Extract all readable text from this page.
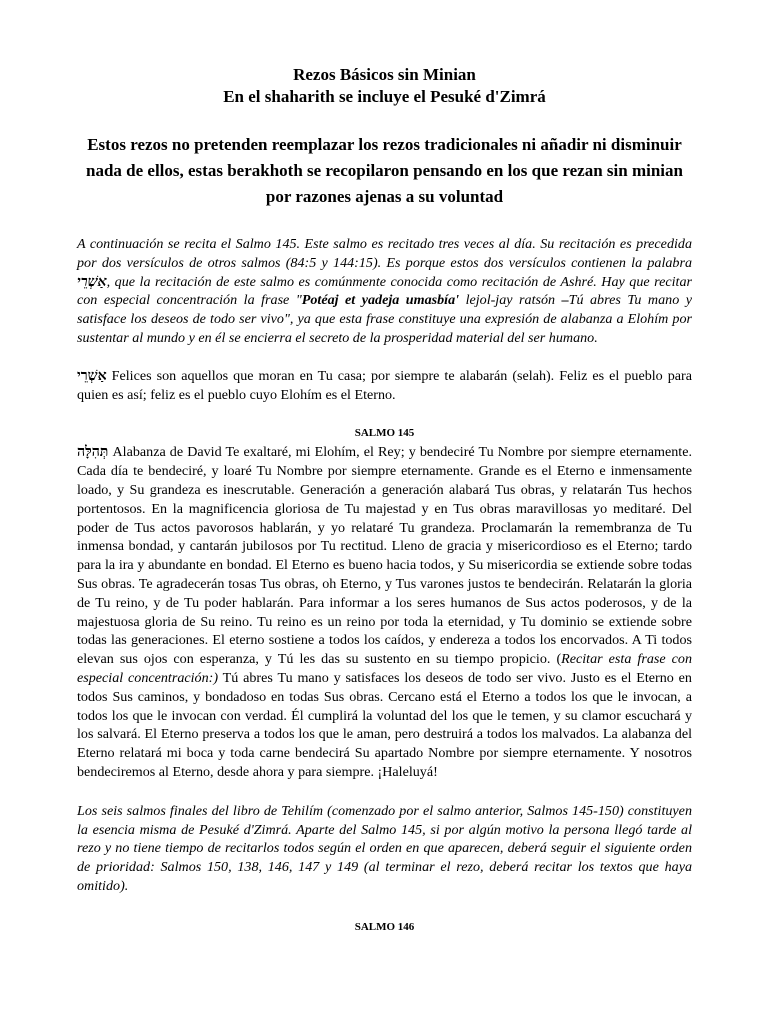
Rezos Básicos sin Minian
En el shaharith se incluye el Pesuké d'Zimrá

Estos rezos no pretenden reemplazar los rezos tradicionales ni añadir ni disminuir nada de ellos, estas berakhoth se recopilaron pensando en los que rezan sin minian por razones ajenas a su voluntad

A continuación se recita el Salmo 145. Este salmo es recitado tres veces al día. Su recitación es precedida por dos versículos de otros salmos (84:5 y 144:15). Es porque estos dos versículos contienen la palabra אַשְׁרֵי, que la recitación de este salmo es comúnmente conocida como recitación de Ashré. Hay que recitar con especial concentración la frase "Potéaj et yadeja umasbía' lejol-jay ratsón –Tú abres Tu mano y satisface los deseos de todo ser vivo", ya que esta frase constituye una expresión de alabanza a Elohím por sustentar al mundo y en él se encierra el secreto de la prosperidad material del ser humano.

אַשְׁרֵי Felices son aquellos que moran en Tu casa; por siempre te alabarán (selah). Feliz es el pueblo para quien es así; feliz es el pueblo cuyo Elohím es el Eterno.

SALMO 145

תְּהִלָּה Alabanza de David Te exaltaré, mi Elohím, el Rey; y bendeciré Tu Nombre por siempre eternamente. Cada día te bendeciré, y loaré Tu Nombre por siempre eternamente. Grande es el Eterno e inmensamente loado, y Su grandeza es inescrutable. Generación a generación alabará Tus obras, y relatarán Tus hechos portentosos. En la magnificencia gloriosa de Tu majestad y en Tus obras maravillosas yo meditaré. Del poder de Tus actos pavorosos hablarán, y yo relataré Tu grandeza. Proclamarán la remembranza de Tu inmensa bondad, y cantarán jubilosos por Tu rectitud. Lleno de gracia y misericordioso es el Eterno; tardo para la ira y abundante en bondad. El Eterno es bueno hacia todos, y Su misericordia se extiende sobre todas Sus obras. Te agradecerán tosas Tus obras, oh Eterno, y Tus varones justos te bendecirán. Relatarán la gloria de Tu reino, y de Tu poder hablarán. Para informar a los seres humanos de Sus actos poderosos, y de la majestuosa gloria de Su reino. Tu reino es un reino por toda la eternidad, y Tu dominio se extiende sobre todas las generaciones. El eterno sostiene a todos los caídos, y endereza a todos los encorvados. A Ti todos elevan sus ojos con esperanza, y Tú les das su sustento en su tiempo propicio. (Recitar esta frase con especial concentración:) Tú abres Tu mano y satisfaces los deseos de todo ser vivo. Justo es el Eterno en todos Sus caminos, y bondadoso en todas Sus obras. Cercano está el Eterno a todos los que le invocan, a todos los que le invocan con verdad. Él cumplirá la voluntad del los que le temen, y su clamor escuchará y los salvará. El Eterno preserva a todos los que le aman, pero destruirá a todos los malvados. La alabanza del Eterno relatará mi boca y toda carne bendecirá Su apartado Nombre por siempre eternamente. Y nosotros bendeciremos al Eterno, desde ahora y para siempre. ¡Haleluyá!

Los seis salmos finales del libro de Tehilím (comenzado por el salmo anterior, Salmos 145-150) constituyen la esencia misma de Pesuké d'Zimrá. Aparte del Salmo 145, si por algún motivo la persona llegó tarde al rezo y no tiene tiempo de recitarlos todos según el orden en que aparecen, deberá seguir el siguiente orden de prioridad: Salmos 150, 138, 146, 147 y 149 (al terminar el rezo, deberá recitar los textos que haya omitido).

SALMO 146
